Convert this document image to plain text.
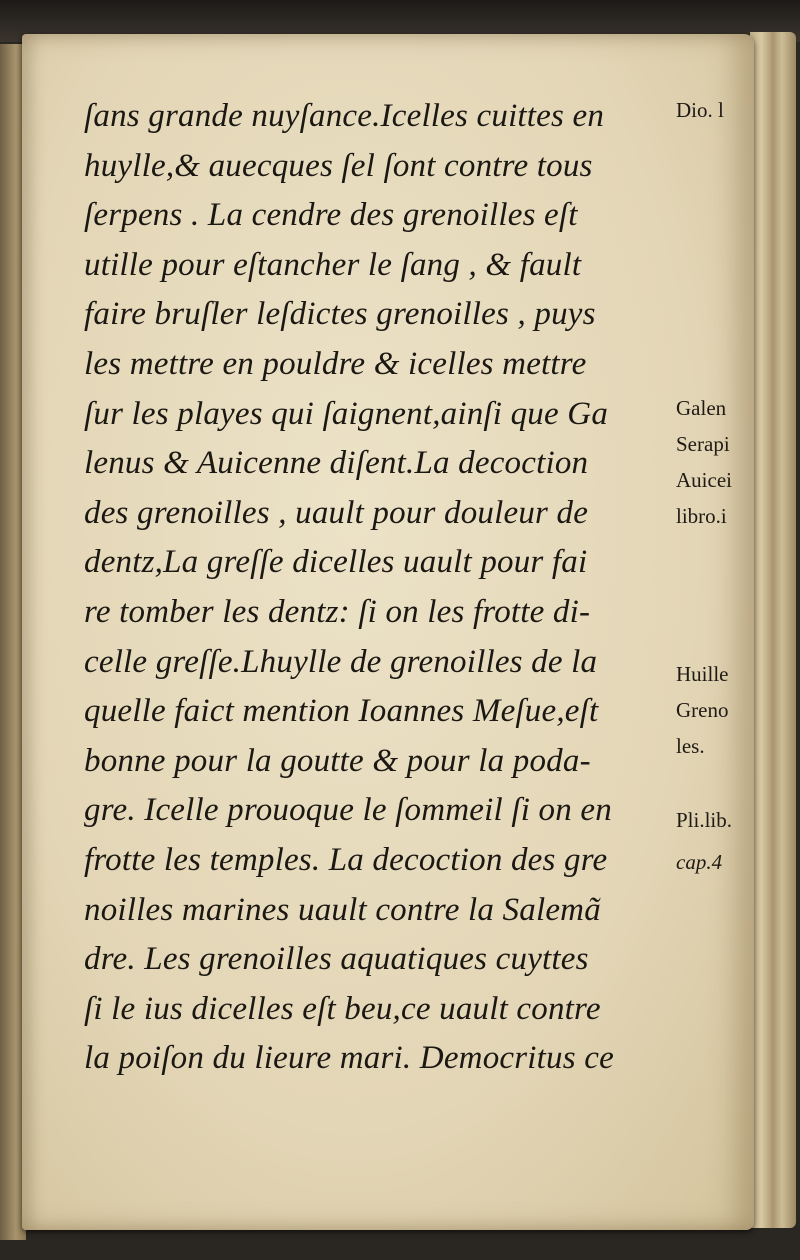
ſans grande nuyſance.Icelles cuittes en
huylle,& auecques ſel ſont contre tous
ſerpens . La cendre des grenoilles eſt
utille pour eſtancher le ſang , & fault
faire bruſler leſdictes grenoilles , puys
les mettre en pouldre & icelles mettre
ſur les playes qui ſaignent,ainſi que Ga
lenus & Auicenne diſent.La decoction
des grenoilles , uault pour douleur de
dentz,La greſſe dicelles uault pour fai
re tomber les dentz: ſi on les frotte di-
celle greſſe.Lhuylle de grenoilles de la
quelle faict mention Ioannes Meſue,eſt
bonne pour la goutte & pour la poda-
gre. Icelle prouoque le ſommeil ſi on en
frotte les temples. La decoction des gre
noilles marines uault contre la Salemã
dre. Les grenoilles aquatiques cuyttes
ſi le ius dicelles eſt beu,ce uault contre
la poiſon du lieure mari. Democritus ce
Dio. l
Galen
Serapi
Auicei
libro.i
Huille
Greno
les.
Pli.lib.
cap.4
